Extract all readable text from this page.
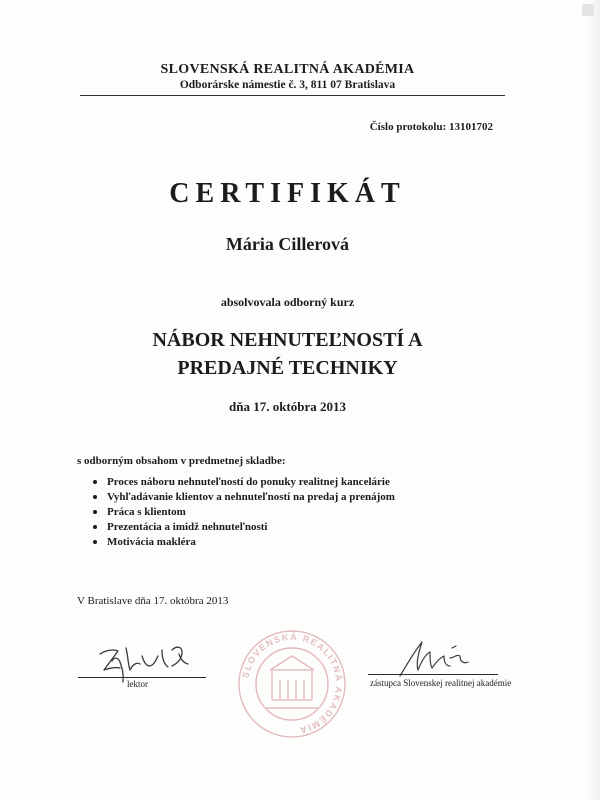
SLOVENSKÁ REALITNÁ AKADÉMIA
Odborárske námestie č. 3, 811 07 Bratislava
Číslo protokolu: 13101702
CERTIFIKÁT
Mária Cillerová
absolvovala odborný kurz
NÁBOR NEHNUTEĽNOSTÍ A
PREDAJNÉ TECHNIKY
dňa 17. októbra 2013
s odborným obsahom v predmetnej skladbe:
Proces náboru nehnuteľností do ponuky realitnej kancelárie
Vyhľadávanie klientov a nehnuteľností na predaj a prenájom
Práca s klientom
Prezentácia a imidž nehnuteľnosti
Motivácia makléra
V Bratislave dňa 17. októbra 2013
lektor
SLOVENSKÁ REALITNÁ AKADÉMIA
zástupca Slovenskej realitnej akadémie
